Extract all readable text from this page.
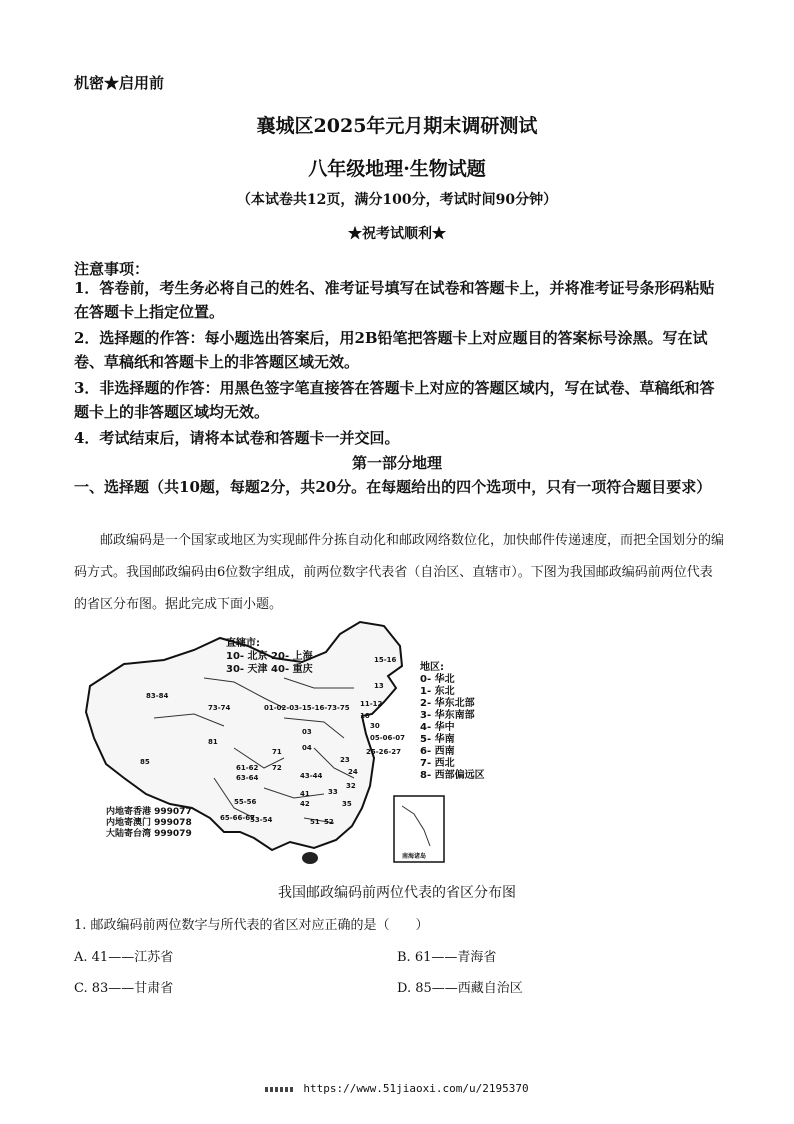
机密★启用前
襄城区2025年元月期末调研测试
八年级地理·生物试题
（本试卷共12页，满分100分，考试时间90分钟）
★祝考试顺利★
注意事项：
1．答卷前，考生务必将自己的姓名、准考证号填写在试卷和答题卡上，并将准考证号条形码粘贴在答题卡上指定位置。
2．选择题的作答：每小题选出答案后，用2B铅笔把答题卡上对应题目的答案标号涂黑。写在试卷、草稿纸和答题卡上的非答题区域无效。
3．非选择题的作答：用黑色签字笔直接答在答题卡上对应的答题区域内，写在试卷、草稿纸和答题卡上的非答题区域均无效。
4．考试结束后，请将本试卷和答题卡一并交回。
第一部分地理
一、选择题（共10题，每题2分，共20分。在每题给出的四个选项中，只有一项符合题目要求）
邮政编码是一个国家或地区为实现邮件分拣自动化和邮政网络数位化，加快邮件传递速度，而把全国划分的编码方式。我国邮政编码由6位数字组成，前两位数字代表省（自治区、直辖市）。下图为我国邮政编码前两位代表的省区分布图。据此完成下面小题。
南海诸岛
直辖市:
10- 北京 20- 上海
30- 天津 40- 重庆	地区:
0- 华北
1- 东北
2- 华东北部
3- 华东南部
4- 华中
5- 华南
6- 西南
7- 西北
8- 西部偏远区
内地寄香港 999077
内地寄澳门 999078
大陆寄台湾 999079
83-84
73-74	01-02-03-15-16-73-75
15-16
13
11-12
10
30
05-06-07
03
04	25-26-27
81
71
72
85
61-62
63-64	43-44
23
24
41
42
33
32
35
55-56
53-54
65-66-67	51 52
我国邮政编码前两位代表的省区分布图
1. 邮政编码前两位数字与所代表的省区对应正确的是（　　）
A. 41——江苏省	B. 61——青海省
C. 83——甘肃省	D. 85——西藏自治区
https://www.51jiaoxi.com/u/2195370
